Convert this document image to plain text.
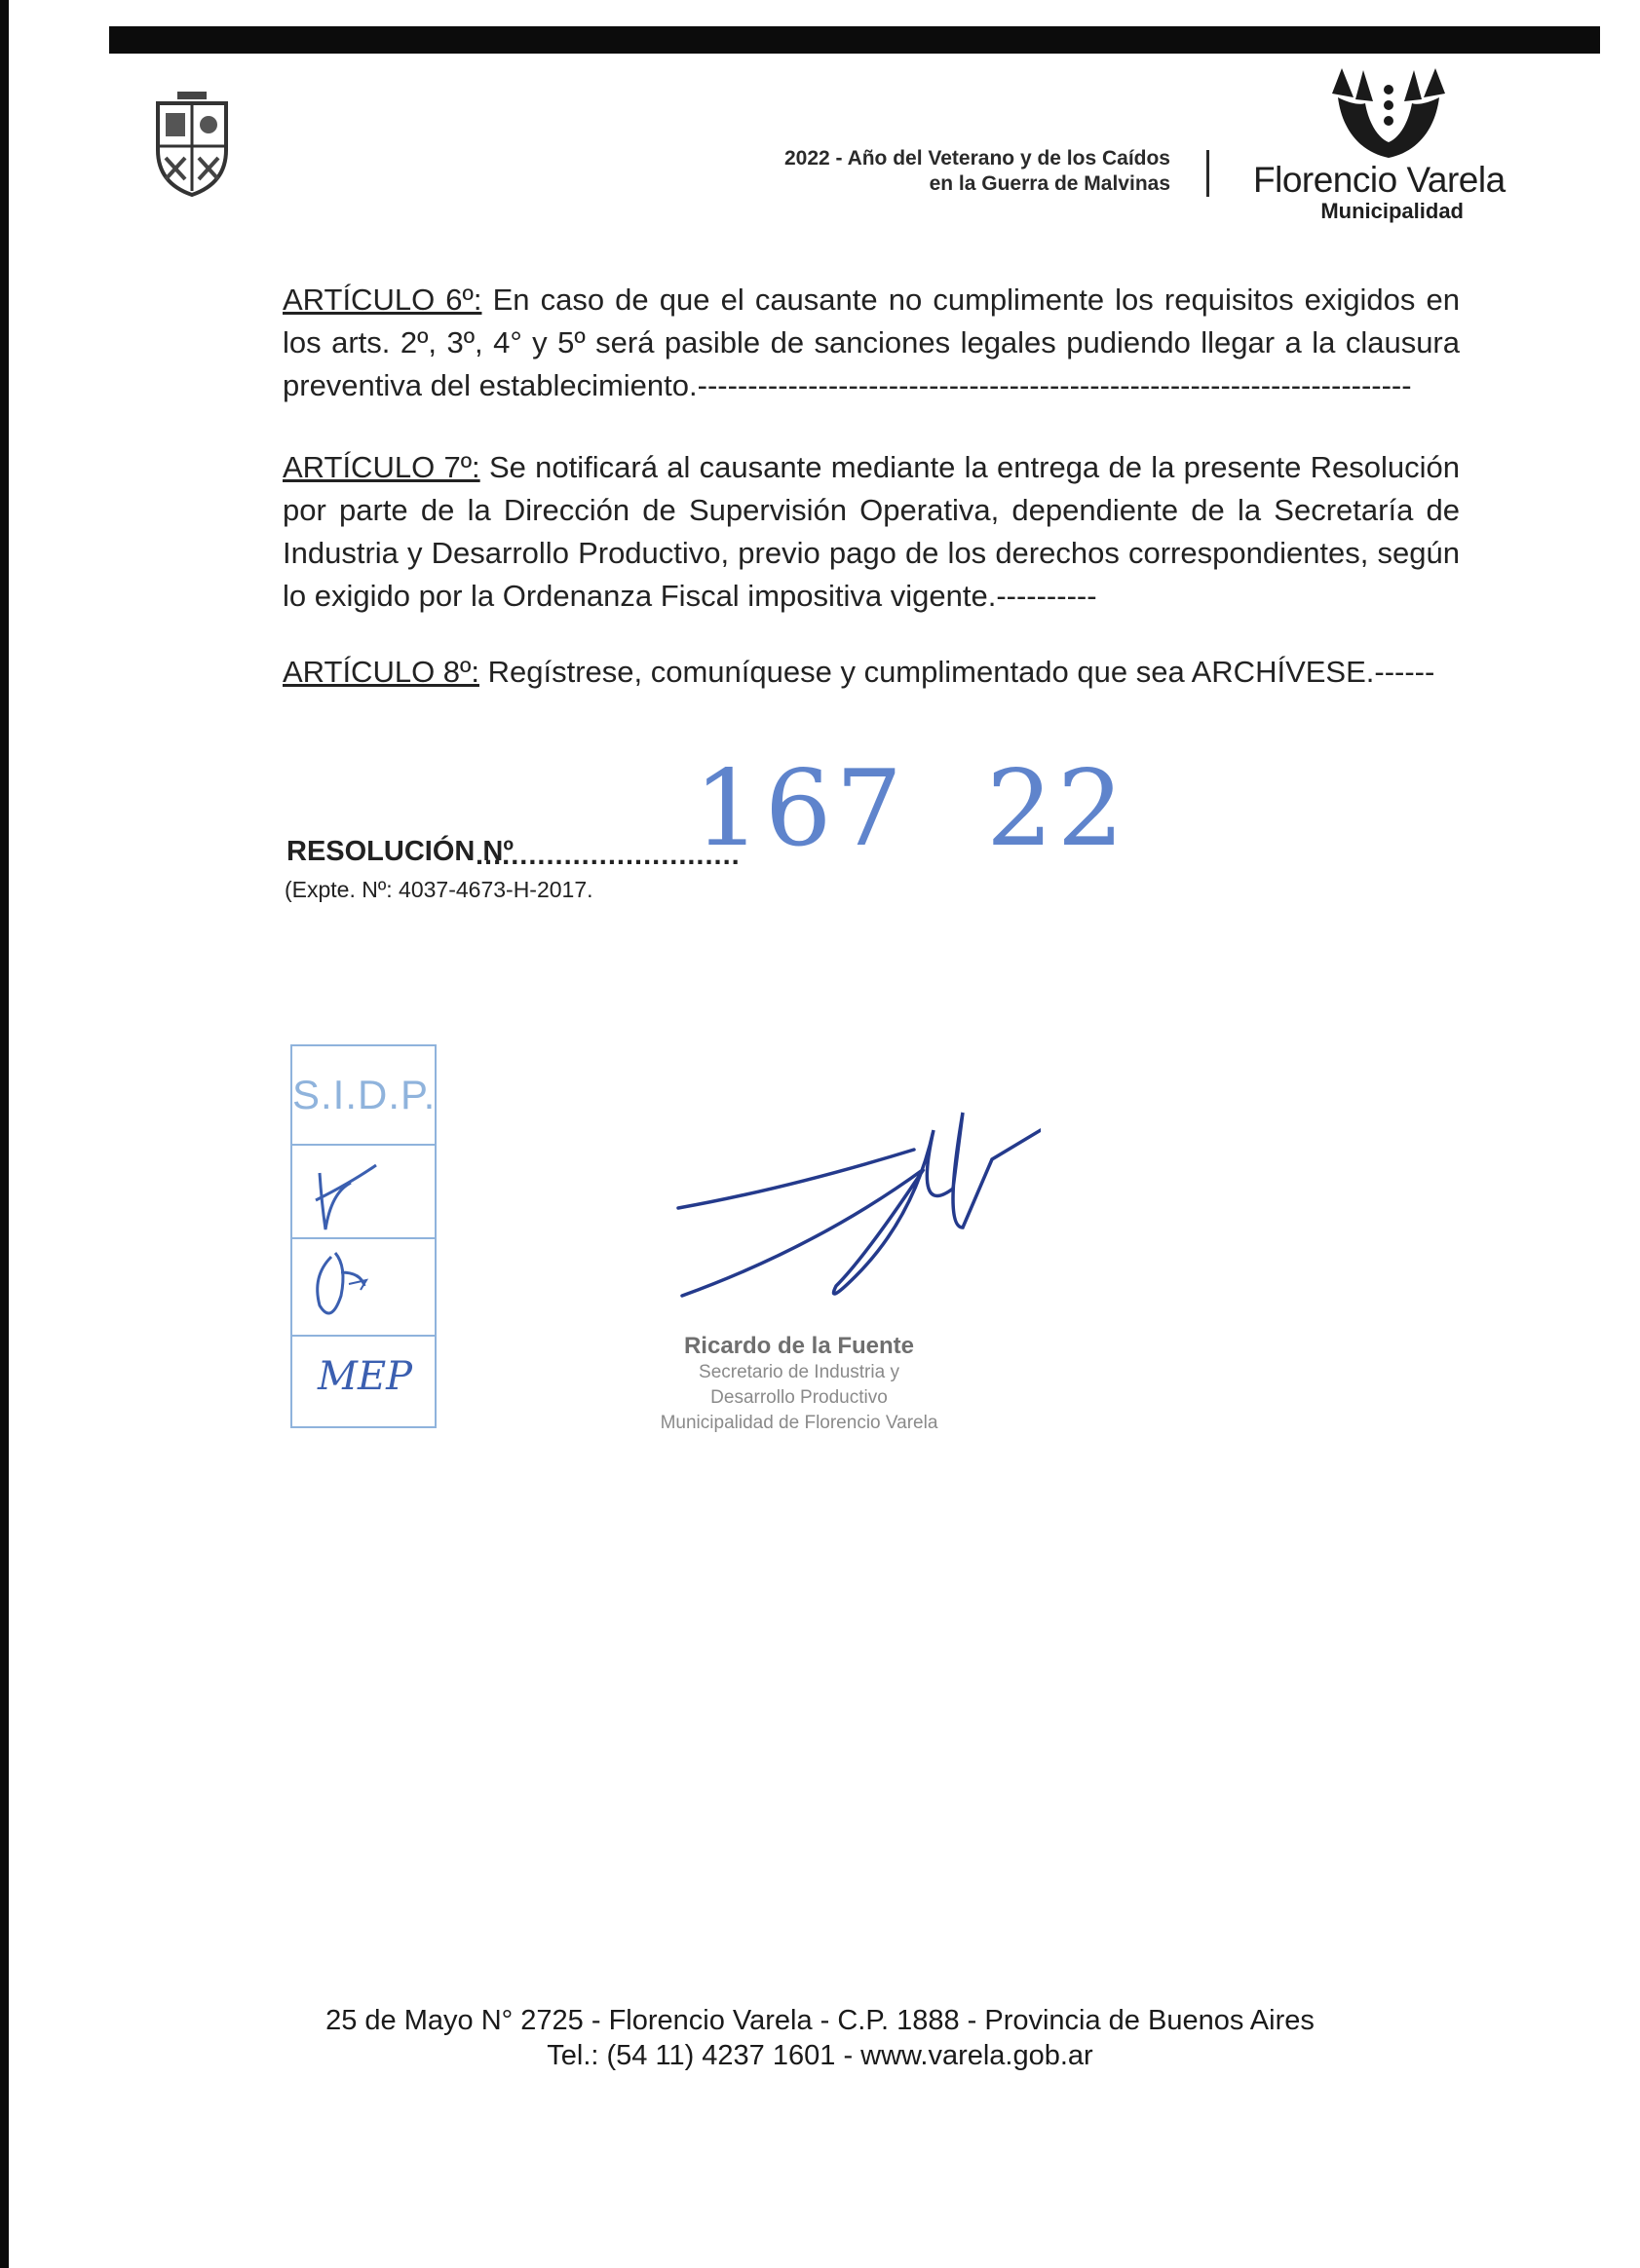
2022 - Año del Veterano y de los Caídos
en la Guerra de Malvinas Florencio Varela
Municipalidad

ARTÍCULO 6º: En caso de que el causante no cumplimente los requisitos exigidos en los arts. 2º, 3º, 4° y 5º será pasible de sanciones legales pudiendo llegar a la clausura preventiva del establecimiento.-----------------------------------------------------------------------

ARTÍCULO 7º: Se notificará al causante mediante la entrega de la presente Resolución por parte de la Dirección de Supervisión Operativa, dependiente de la Secretaría de Industria y Desarrollo Productivo, previo pago de los derechos correspondientes, según lo exigido por la Ordenanza Fiscal impositiva vigente.----------

ARTÍCULO 8º: Regístrese, comuníquese y cumplimentado que sea ARCHÍVESE.------

RESOLUCIÓN Nº
..............................
167 22
(Expte. Nº: 4037-4673-H-2017.
S.I.D.P.
MEP
Ricardo de la Fuente
Secretario de Industria y
Desarrollo Productivo
Municipalidad de Florencio Varela
25 de Mayo N° 2725 - Florencio Varela - C.P. 1888 - Provincia de Buenos Aires
Tel.: (54 11) 4237 1601 - www.varela.gob.ar
